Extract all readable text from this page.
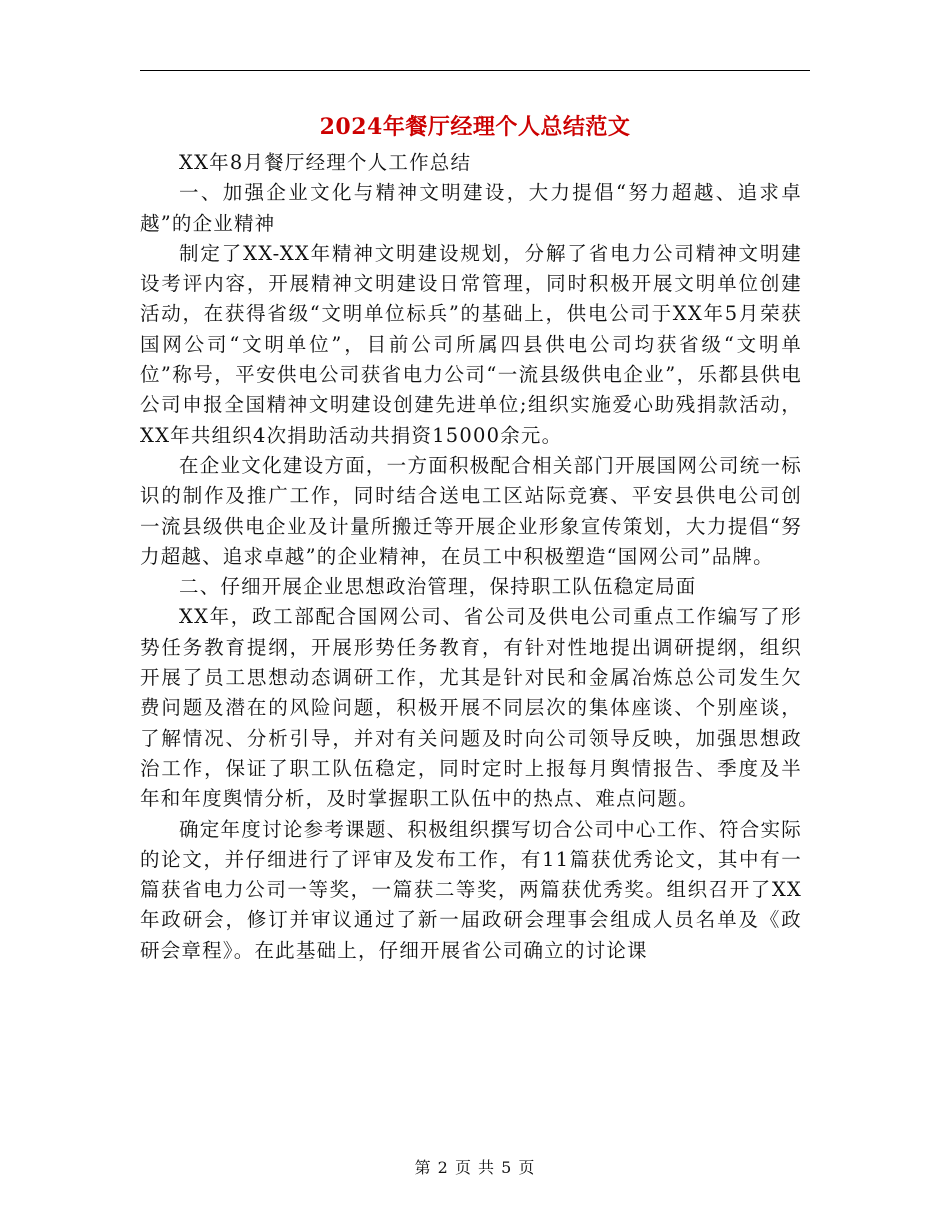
2024年餐厅经理个人总结范文

XX年8月餐厅经理个人工作总结

一、加强企业文化与精神文明建设，大力提倡“努力超越、追求卓越”的企业精神

制定了XX-XX年精神文明建设规划，分解了省电力公司精神文明建设考评内容，开展精神文明建设日常管理，同时积极开展文明单位创建活动，在获得省级“文明单位标兵”的基础上，供电公司于XX年5月荣获国网公司“文明单位”，目前公司所属四县供电公司均获省级“文明单位”称号，平安供电公司获省电力公司“一流县级供电企业”，乐都县供电公司申报全国精神文明建设创建先进单位;组织实施爱心助残捐款活动，XX年共组织4次捐助活动共捐资15000余元。

在企业文化建设方面，一方面积极配合相关部门开展国网公司统一标识的制作及推广工作，同时结合送电工区站际竞赛、平安县供电公司创一流县级供电企业及计量所搬迁等开展企业形象宣传策划，大力提倡“努力超越、追求卓越”的企业精神，在员工中积极塑造“国网公司”品牌。

二、仔细开展企业思想政治管理，保持职工队伍稳定局面

XX年，政工部配合国网公司、省公司及供电公司重点工作编写了形势任务教育提纲，开展形势任务教育，有针对性地提出调研提纲，组织开展了员工思想动态调研工作，尤其是针对民和金属冶炼总公司发生欠费问题及潜在的风险问题，积极开展不同层次的集体座谈、个别座谈，了解情况、分析引导，并对有关问题及时向公司领导反映，加强思想政治工作，保证了职工队伍稳定，同时定时上报每月舆情报告、季度及半年和年度舆情分析，及时掌握职工队伍中的热点、难点问题。

确定年度讨论参考课题、积极组织撰写切合公司中心工作、符合实际的论文，并仔细进行了评审及发布工作，有11篇获优秀论文，其中有一篇获省电力公司一等奖，一篇获二等奖，两篇获优秀奖。组织召开了XX年政研会，修订并审议通过了新一届政研会理事会组成人员名单及《政研会章程》。在此基础上，仔细开展省公司确立的讨论课

第 2 页 共 5 页
